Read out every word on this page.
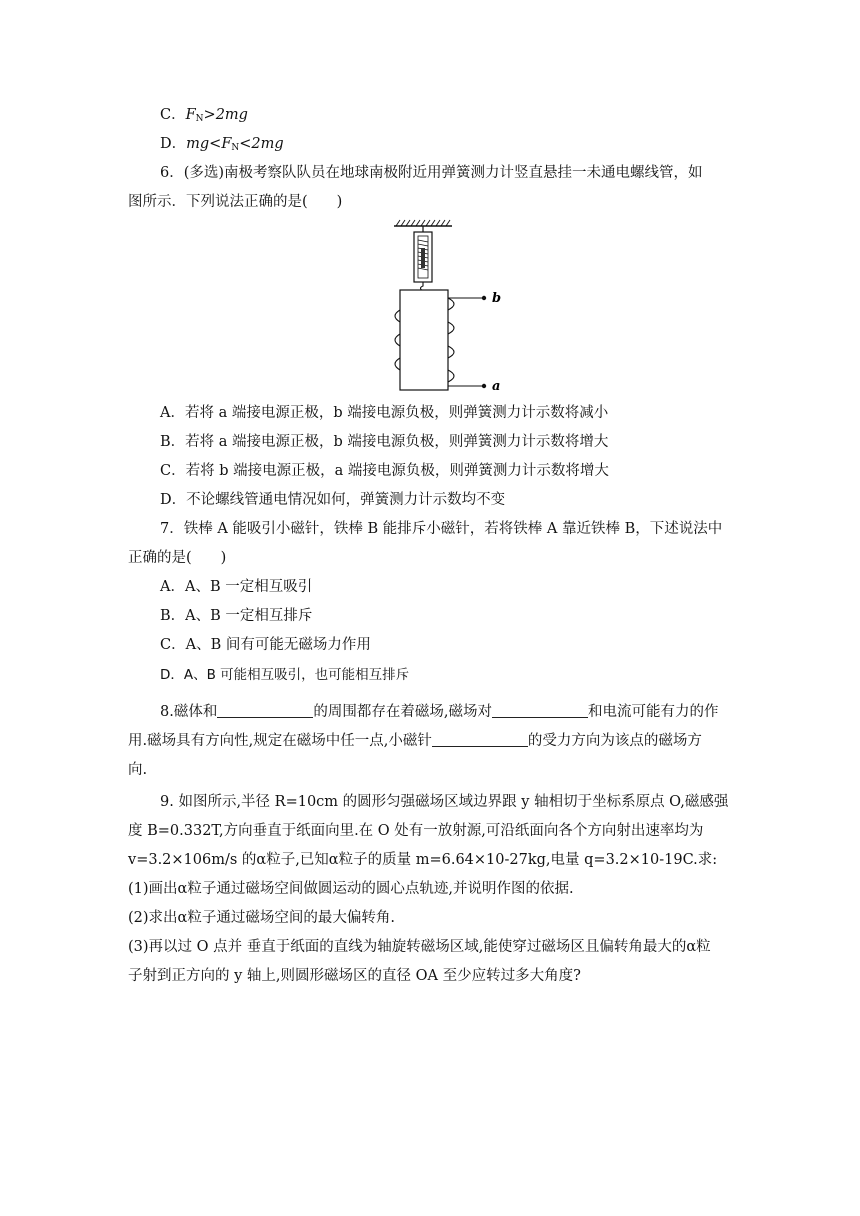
C．$F_N>2mg$
D．$mg<F_N<2mg$
6．(多选)南极考察队队员在地球南极附近用弹簧测力计竖直悬挂一未通电螺线管，如
图所示．下列说法正确的是(　　)
b
a
A．若将 a 端接电源正极，b 端接电源负极，则弹簧测力计示数将减小
B．若将 a 端接电源正极，b 端接电源负极，则弹簧测力计示数将增大
C．若将 b 端接电源正极，a 端接电源负极，则弹簧测力计示数将增大
D．不论螺线管通电情况如何，弹簧测力计示数均不变
7．铁棒 A 能吸引小磁针，铁棒 B 能排斥小磁针，若将铁棒 A 靠近铁棒 B，下述说法中
正确的是(　　)
A．A、B 一定相互吸引
B．A、B 一定相互排斥
C．A、B 间有可能无磁场力作用
D．A、B 可能相互吸引，也可能相互排斥
8.磁体和	的周围都存在着磁场,磁场对	和电流可能有力的作
用.磁场具有方向性,规定在磁场中任一点,小磁针	的受力方向为该点的磁场方
向.
9. 如图所示,半径 R=10cm 的圆形匀强磁场区域边界跟 y 轴相切于坐标系原点 O,磁感强
度 B=0.332T,方向垂直于纸面向里.在 O 处有一放射源,可沿纸面向各个方向射出速率均为
v=3.2×106m/s 的α粒子,已知α粒子的质量 m=6.64×10-27kg,电量 q=3.2×10-19C.求:
(1)画出α粒子通过磁场空间做圆运动的圆心点轨迹,并说明作图的依据.
(2)求出α粒子通过磁场空间的最大偏转角.
(3)再以过 O 点并 垂直于纸面的直线为轴旋转磁场区域,能使穿过磁场区且偏转角最大的α粒
子射到正方向的 y 轴上,则圆形磁场区的直径 OA 至少应转过多大角度?
